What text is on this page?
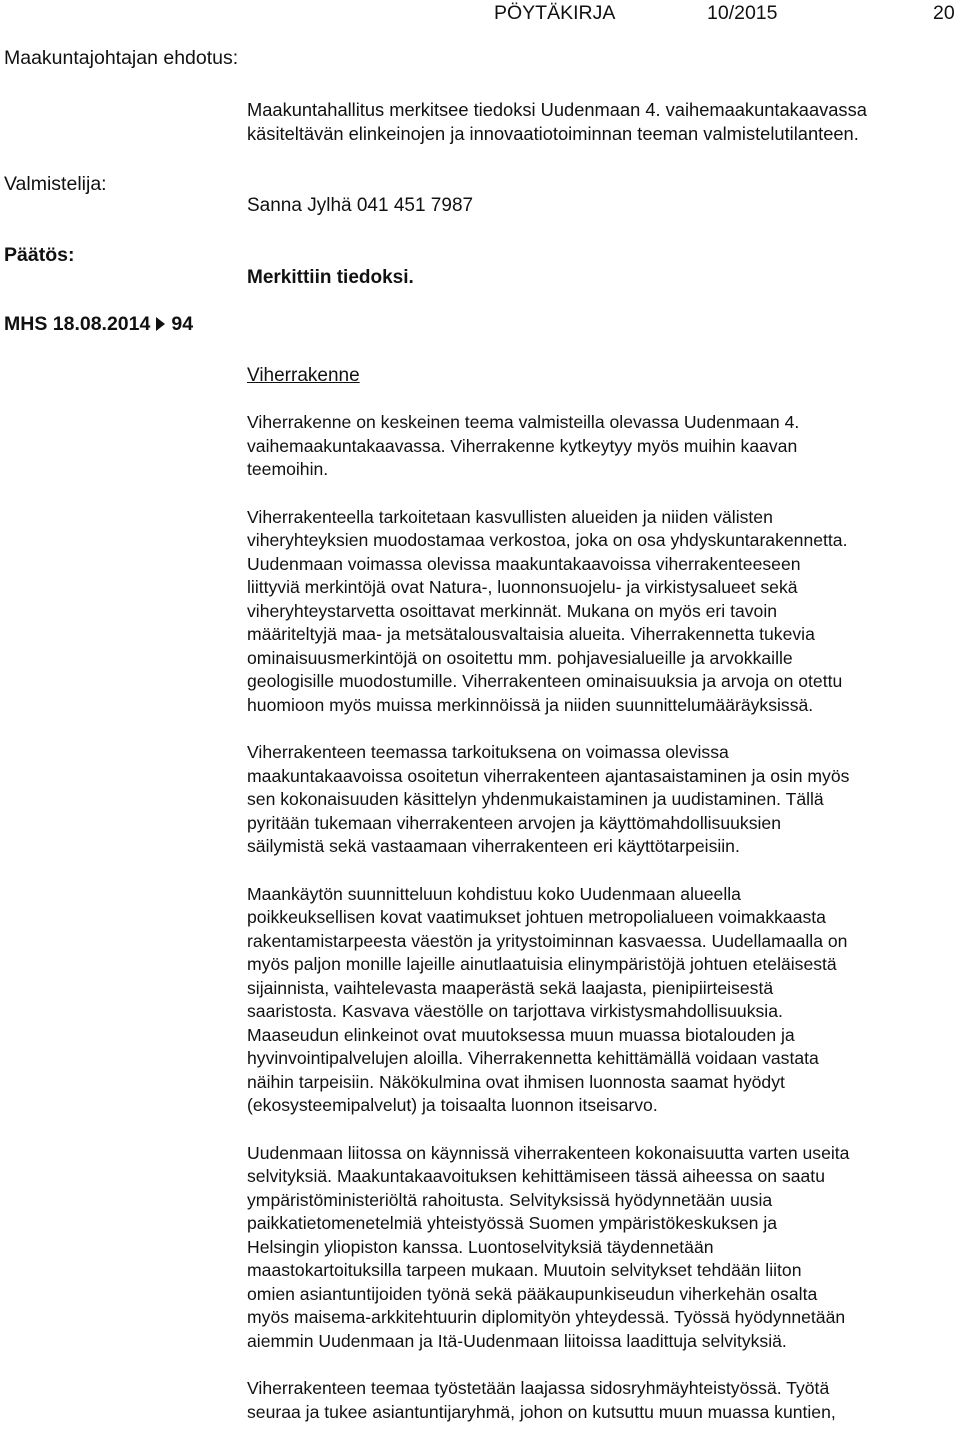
PÖYTÄKIRJA	10/2015	20
Maakuntajohtajan ehdotus:

Maakuntahallitus merkitsee tiedoksi Uudenmaan 4. vaihemaakuntakaavassa

käsiteltävän elinkeinojen ja innovaatiotoiminnan teeman valmistelutilanteen.

Valmistelija:
Sanna Jylhä 041 451 7987
Päätös:
Merkittiin tiedoksi.
MHS 18.08.2014 94
Viherrakenne

Viherrakenne on keskeinen teema valmisteilla olevassa Uudenmaan 4.

vaihemaakuntakaavassa. Viherrakenne kytkeytyy myös muihin kaavan

teemoihin.

Viherrakenteella tarkoitetaan kasvullisten alueiden ja niiden välisten

viheryhteyksien muodostamaa verkostoa, joka on osa yhdyskuntarakennetta.

Uudenmaan voimassa olevissa maakuntakaavoissa viherrakenteeseen

liittyviä merkintöjä ovat Natura-, luonnonsuojelu- ja virkistysalueet sekä

viheryhteystarvetta osoittavat merkinnät. Mukana on myös eri tavoin

määriteltyjä maa- ja metsätalousvaltaisia alueita. Viherrakennetta tukevia

ominaisuusmerkintöjä on osoitettu mm. pohjavesialueille ja arvokkaille

geologisille muodostumille. Viherrakenteen ominaisuuksia ja arvoja on otettu

huomioon myös muissa merkinnöissä ja niiden suunnittelumääräyksissä.

Viherrakenteen teemassa tarkoituksena on voimassa olevissa

maakuntakaavoissa osoitetun viherrakenteen ajantasaistaminen ja osin myös

sen kokonaisuuden käsittelyn yhdenmukaistaminen ja uudistaminen. Tällä

pyritään tukemaan viherrakenteen arvojen ja käyttömahdollisuuksien

säilymistä sekä vastaamaan viherrakenteen eri käyttötarpeisiin.

Maankäytön suunnitteluun kohdistuu koko Uudenmaan alueella

poikkeuksellisen kovat vaatimukset johtuen metropolialueen voimakkaasta

rakentamistarpeesta väestön ja yritystoiminnan kasvaessa. Uudellamaalla on

myös paljon monille lajeille ainutlaatuisia elinympäristöjä johtuen eteläisestä

sijainnista, vaihtelevasta maaperästä sekä laajasta, pienipiirteisestä

saaristosta. Kasvava väestölle on tarjottava virkistysmahdollisuuksia.

Maaseudun elinkeinot ovat muutoksessa muun muassa biotalouden ja

hyvinvointipalvelujen aloilla. Viherrakennetta kehittämällä voidaan vastata

näihin tarpeisiin. Näkökulmina ovat ihmisen luonnosta saamat hyödyt

(ekosysteemipalvelut) ja toisaalta luonnon itseisarvo.

Uudenmaan liitossa on käynnissä viherrakenteen kokonaisuutta varten useita

selvityksiä. Maakuntakaavoituksen kehittämiseen tässä aiheessa on saatu

ympäristöministeriöltä rahoitusta. Selvityksissä hyödynnetään uusia

paikkatietomenetelmiä yhteistyössä Suomen ympäristökeskuksen ja

Helsingin yliopiston kanssa. Luontoselvityksiä täydennetään

maastokartoituksilla tarpeen mukaan. Muutoin selvitykset tehdään liiton

omien asiantuntijoiden työnä sekä pääkaupunkiseudun viherkehän osalta

myös maisema-arkkitehtuurin diplomityön yhteydessä. Työssä hyödynnetään

aiemmin Uudenmaan ja Itä-Uudenmaan liitoissa laadittuja selvityksiä.

Viherrakenteen teemaa työstetään laajassa sidosryhmäyhteistyössä. Työtä

seuraa ja tukee asiantuntijaryhmä, johon on kutsuttu muun muassa kuntien,
